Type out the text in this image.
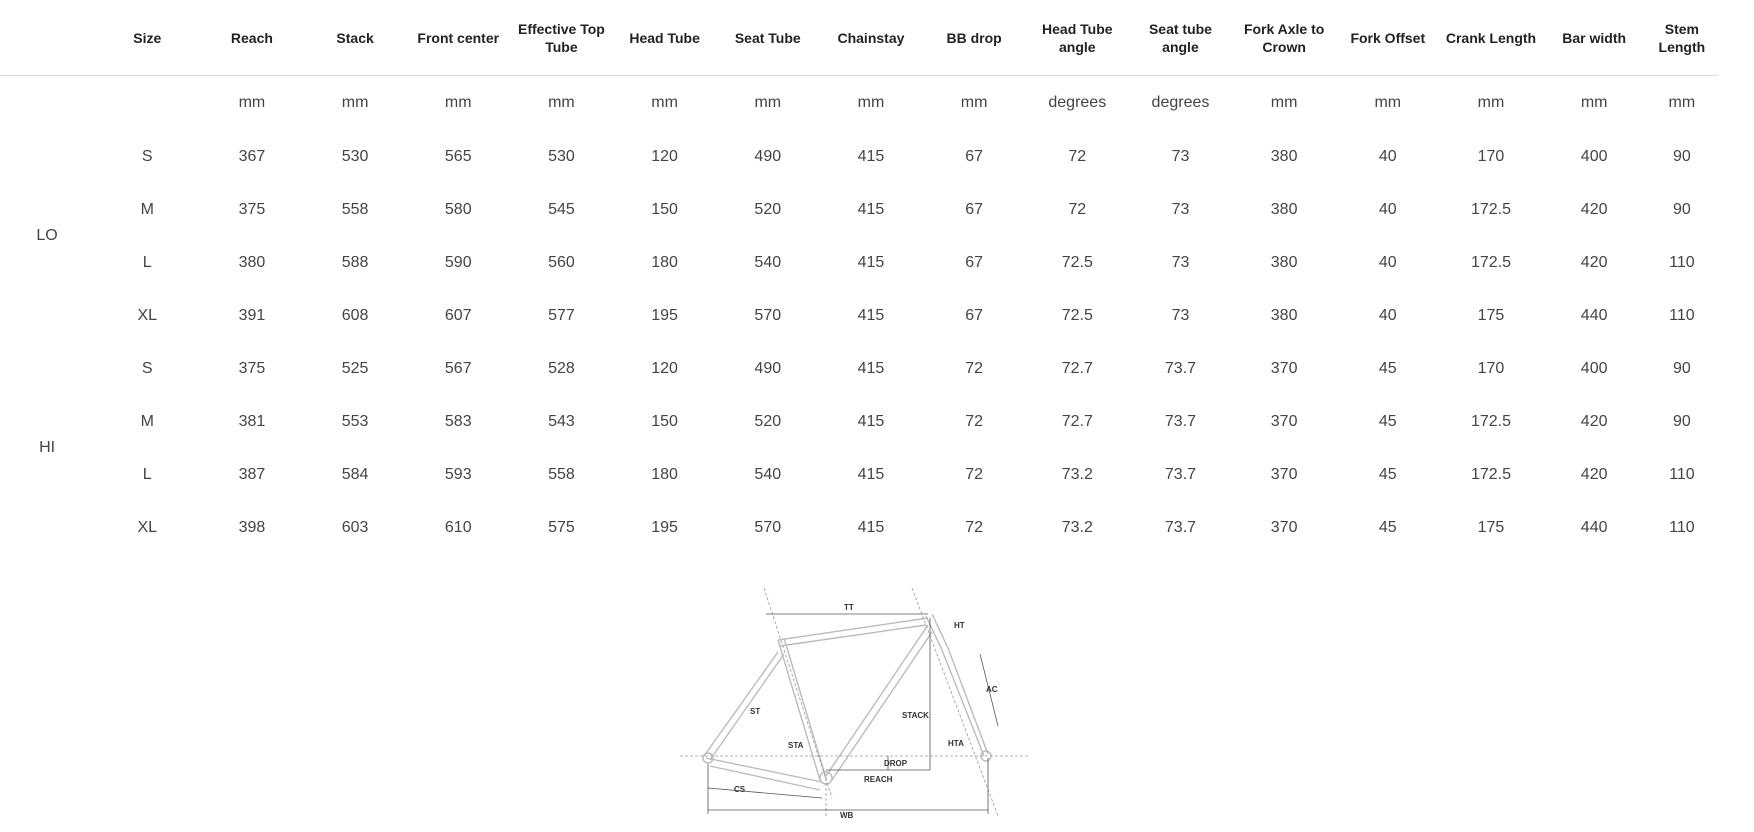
	Size	Reach	Stack	Front center	Effective Top Tube	Head Tube	Seat Tube	Chainstay	BB drop	Head Tube angle	Seat tube angle	Fork Axle to Crown	Fork Offset	Crank Length	Bar width	Stem Length
		mm	mm	mm	mm	mm	mm	mm	mm	degrees	degrees	mm	mm	mm	mm	mm
LO	S	367	530	565	530	120	490	415	67	72	73	380	40	170	400	90
	M	375	558	580	545	150	520	415	67	72	73	380	40	172.5	420	90
	L	380	588	590	560	180	540	415	67	72.5	73	380	40	172.5	420	110
	XL	391	608	607	577	195	570	415	67	72.5	73	380	40	175	440	110
HI	S	375	525	567	528	120	490	415	72	72.7	73.7	370	45	170	400	90
	M	381	553	583	543	150	520	415	72	72.7	73.7	370	45	172.5	420	90
	L	387	584	593	558	180	540	415	72	73.2	73.7	370	45	172.5	420	110
	XL	398	603	610	575	195	570	415	72	73.2	73.7	370	45	175	440	110
TT
HT
AC
ST	STACK
STA	HTA
DROP
REACH
CS
WB
